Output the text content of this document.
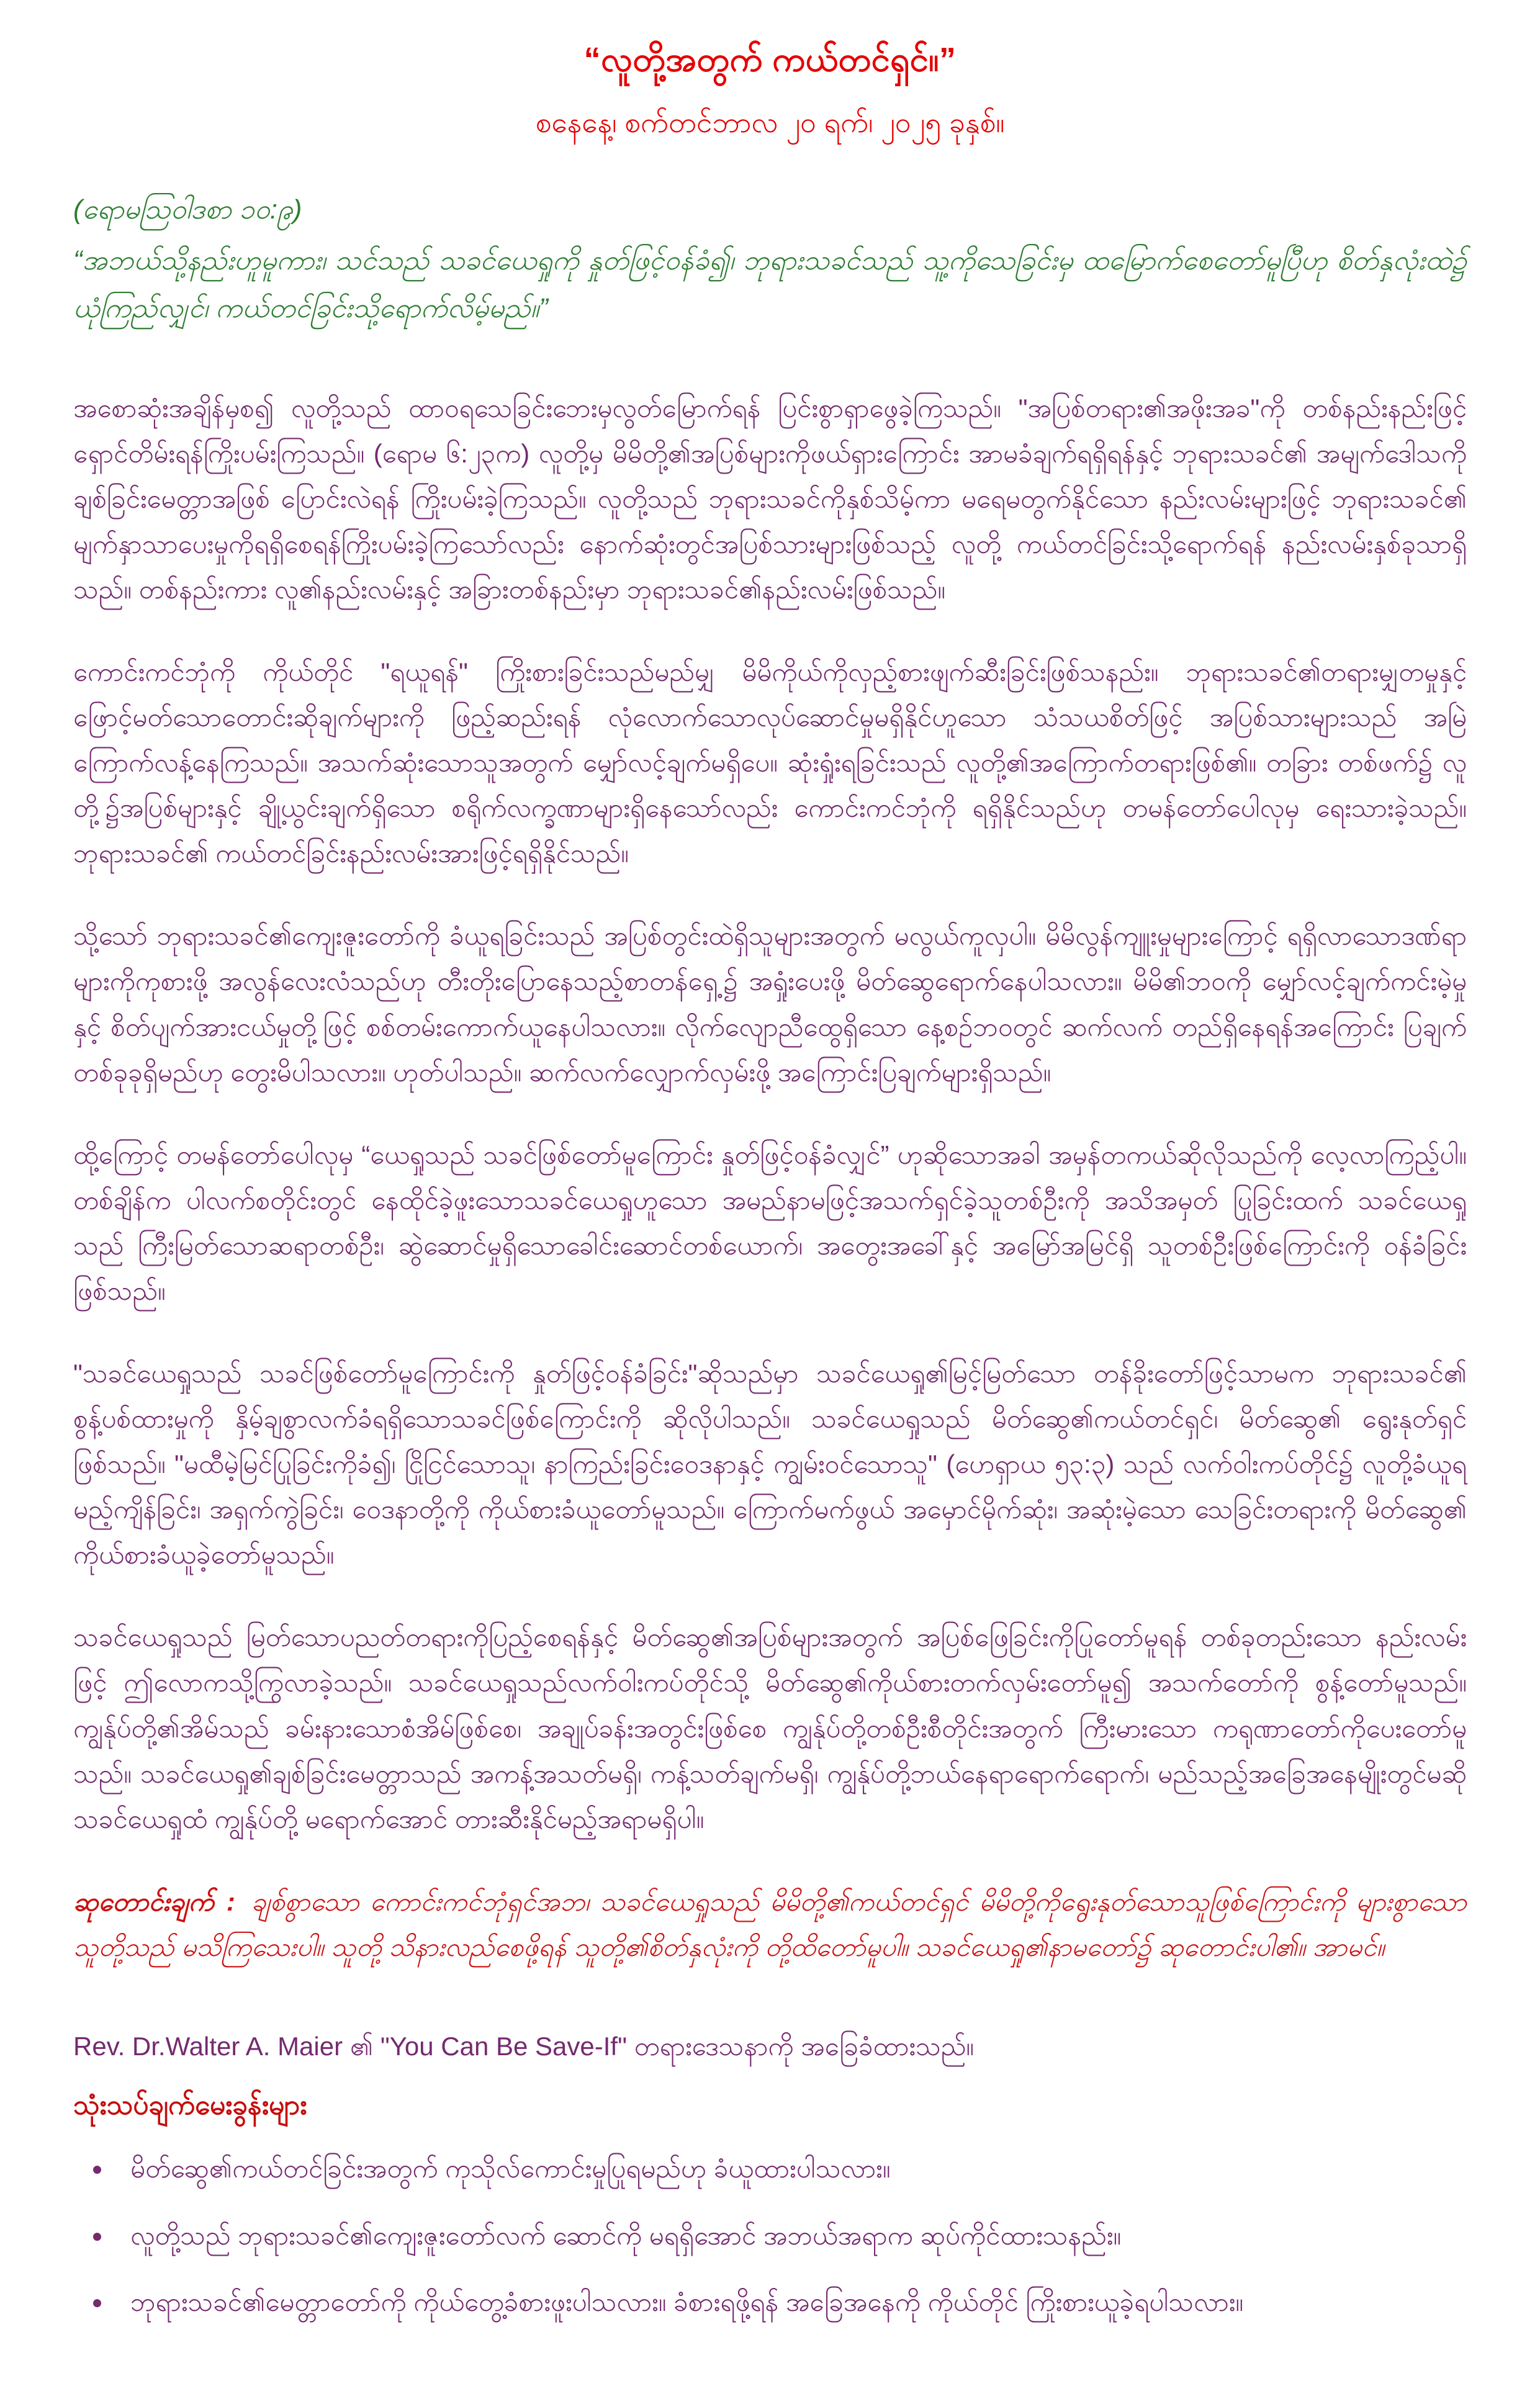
“လူတို့အတွက် ကယ်တင်ရှင်။”
စနေနေ့၊ စက်တင်ဘာလ ၂၀ ရက်၊ ၂၀၂၅ ခုနှစ်။
(ရောမဩဝါဒစာ ၁၀:၉)
“အဘယ်သို့နည်းဟူမူကား၊ သင်သည် သခင်ယေရှုကို နှုတ်ဖြင့်ဝန်ခံ၍၊ ဘုရားသခင်သည် သူ့ကိုသေခြင်းမှ ထမြောက်စေတော်မူပြီဟု စိတ်နှလုံးထဲ၌ ယုံကြည်လျှင်၊ ကယ်တင်ခြင်းသို့ရောက်လိမ့်မည်။”

အစောဆုံးအချိန်မှစ၍ လူတို့သည် ထာဝရသေခြင်းဘေးမှလွတ်မြောက်ရန် ပြင်းစွာရှာဖွေခဲ့ကြသည်။ "အပြစ်တရား၏အဖိုးအခ"ကို တစ်နည်းနည်းဖြင့် ရှောင်တိမ်းရန်ကြိုးပမ်းကြသည်။ (ရောမ ၆:၂၃က) လူတို့မှ မိမိတို့၏အပြစ်များကိုဖယ်ရှားကြောင်း အာမခံချက်ရရှိရန်နှင့် ဘုရားသခင်၏ အမျက်ဒေါသကို ချစ်ခြင်းမေတ္တာအဖြစ် ပြောင်းလဲရန် ကြိုးပမ်းခဲ့ကြသည်။ လူတို့သည် ဘုရားသခင်ကိုနှစ်သိမ့်ကာ မရေမတွက်နိုင်သော နည်းလမ်းများဖြင့် ဘုရားသခင်၏ မျက်နှာသာပေးမှုကိုရရှိစေရန်ကြိုးပမ်းခဲ့ကြသော်လည်း နောက်ဆုံးတွင်အပြစ်သားများဖြစ်သည့် လူတို့ ကယ်တင်ခြင်းသို့ရောက်ရန် နည်းလမ်းနှစ်ခုသာရှိသည်။ တစ်နည်းကား လူ၏နည်းလမ်းနှင့် အခြားတစ်နည်းမှာ ဘုရားသခင်၏နည်းလမ်းဖြစ်သည်။

ကောင်းကင်ဘုံကို ကိုယ်တိုင် "ရယူရန်" ကြိုးစားခြင်းသည်မည်မျှ မိမိကိုယ်ကိုလှည့်စားဖျက်ဆီးခြင်းဖြစ်သနည်း။ ဘုရားသခင်၏တရားမျှတမှုနှင့် ဖြောင့်မတ်သောတောင်းဆိုချက်များကို ဖြည့်ဆည်းရန် လုံလောက်သောလုပ်ဆောင်မှုမရှိနိုင်ဟူသော သံသယစိတ်ဖြင့် အပြစ်သားများသည် အမြဲ ကြောက်လန့်နေကြသည်။ အသက်ဆုံးသောသူအတွက် မျှော်လင့်ချက်မရှိပေ။ ဆုံးရှုံးရခြင်းသည် လူတို့၏အကြောက်တရားဖြစ်၏။ တခြား တစ်ဖက်၌ လူတို့၌အပြစ်များနှင့် ချို့ယွင်းချက်ရှိသော စရိုက်လက္ခဏာများရှိနေသော်လည်း ကောင်းကင်ဘုံကို ရရှိနိုင်သည်ဟု တမန်တော်ပေါလုမှ ရေးသားခဲ့သည်။ ဘုရားသခင်၏ ကယ်တင်ခြင်းနည်းလမ်းအားဖြင့်ရရှိနိုင်သည်။

သို့သော် ဘုရားသခင်၏ကျေးဇူးတော်ကို ခံယူရခြင်းသည် အပြစ်တွင်းထဲရှိသူများအတွက် မလွယ်ကူလှပါ။ မိမိလွန်ကျူးမှုများကြောင့် ရရှိလာသောဒဏ်ရာများကိုကုစားဖို့ အလွန်လေးလံသည်ဟု တီးတိုးပြောနေသည့်စာတန်ရှေ့၌ အရှုံးပေးဖို့ မိတ်ဆွေရောက်နေပါသလား။ မိမိ၏ဘဝကို မျှော်လင့်ချက်ကင်းမဲ့မှုနှင့် စိတ်ပျက်အားငယ်မှုတို့ဖြင့် စစ်တမ်းကောက်ယူနေပါသလား။ လိုက်လျောညီထွေရှိသော နေ့စဉ်ဘဝတွင် ဆက်လက် တည်ရှိနေရန်အကြောင်း ပြချက်တစ်ခုခုရှိမည်ဟု တွေးမိပါသလား။ ဟုတ်ပါသည်။ ဆက်လက်လျှောက်လှမ်းဖို့ အကြောင်းပြချက်များရှိသည်။

ထို့ကြောင့် တမန်တော်ပေါလုမှ “ယေရှုသည် သခင်ဖြစ်တော်မူကြောင်း နှုတ်ဖြင့်ဝန်ခံလျှင်” ဟုဆိုသောအခါ အမှန်တကယ်ဆိုလိုသည်ကို လေ့လာကြည့်ပါ။ တစ်ချိန်က ပါလက်စတိုင်းတွင် နေထိုင်ခဲ့ဖူးသောသခင်ယေရှုဟူသော အမည်နာမဖြင့်အသက်ရှင်ခဲ့သူတစ်ဦးကို အသိအမှတ် ပြုခြင်းထက် သခင်ယေရှုသည် ကြီးမြတ်သောဆရာတစ်ဦး၊ ဆွဲဆောင်မှုရှိသောခေါင်းဆောင်တစ်ယောက်၊ အတွေးအခေါ်နှင့် အမြော်အမြင်ရှိ သူတစ်ဦးဖြစ်ကြောင်းကို ဝန်ခံခြင်းဖြစ်သည်။

"သခင်ယေရှုသည် သခင်ဖြစ်တော်မူကြောင်းကို နှုတ်ဖြင့်ဝန်ခံခြင်း"ဆိုသည်မှာ သခင်ယေရှု၏မြင့်မြတ်သော တန်ခိုးတော်ဖြင့်သာမက ဘုရားသခင်၏ စွန့်ပစ်ထားမှုကို နှိမ့်ချစွာလက်ခံရရှိသောသခင်ဖြစ်ကြောင်းကို ဆိုလိုပါသည်။ သခင်ယေရှုသည် မိတ်ဆွေ၏ကယ်တင်ရှင်၊ မိတ်ဆွေ၏ ရွေးနုတ်ရှင်ဖြစ်သည်။ "မထီမဲ့မြင်ပြုခြင်းကိုခံ၍၊ ငြိုငြင်သောသူ၊ နာကြည်းခြင်းဝေဒနာနှင့် ကျွမ်းဝင်သောသူ" (ဟေရှာယ ၅၃:၃) သည် လက်ဝါးကပ်တိုင်၌ လူတို့ခံယူရမည့်ကျိန်ခြင်း၊ အရှက်ကွဲခြင်း၊ ဝေဒနာတို့ကို ကိုယ်စားခံယူတော်မူသည်။ ကြောက်မက်ဖွယ် အမှောင်မိုက်ဆုံး၊ အဆုံးမဲ့သော သေခြင်းတရားကို မိတ်ဆွေ၏ ကိုယ်စားခံယူခဲ့တော်မူသည်။

သခင်ယေရှုသည် မြတ်သောပညတ်တရားကိုပြည့်စေရန်နှင့် မိတ်ဆွေ၏အပြစ်များအတွက် အပြစ်ဖြေခြင်းကိုပြုတော်မူရန် တစ်ခုတည်းသော နည်းလမ်းဖြင့် ဤလောကသို့ကြွလာခဲ့သည်။ သခင်ယေရှုသည်လက်ဝါးကပ်တိုင်သို့ မိတ်ဆွေ၏ကိုယ်စားတက်လှမ်းတော်မူ၍ အသက်တော်ကို စွန့်တော်မူသည်။ ကျွန်ုပ်တို့၏အိမ်သည် ခမ်းနားသောစံအိမ်ဖြစ်စေ၊ အချုပ်ခန်းအတွင်းဖြစ်စေ ကျွန်ုပ်တို့တစ်ဦးစီတိုင်းအတွက် ကြီးမားသော ကရုဏာတော်ကိုပေးတော်မူသည်။ သခင်ယေရှု၏ချစ်ခြင်းမေတ္တာသည် အကန့်အသတ်မရှိ၊ ကန့်သတ်ချက်မရှိ၊ ကျွန်ုပ်တို့ဘယ်နေရာရောက်ရောက်၊ မည်သည့်အခြေအနေမျိုးတွင်မဆို သခင်ယေရှုထံ ကျွန်ုပ်တို့ မရောက်အောင် တားဆီးနိုင်မည့်အရာမရှိပါ။

ဆုတောင်းချက် : ချစ်စွာသော ကောင်းကင်ဘုံရှင်အဘ၊ သခင်ယေရှုသည် မိမိတို့၏ကယ်တင်ရှင် မိမိတို့ကိုရွေးနုတ်သောသူဖြစ်ကြောင်းကို များစွာသောသူတို့သည် မသိကြသေးပါ။ သူတို့ သိနားလည်စေဖို့ရန် သူတို့၏စိတ်နှလုံးကို တို့ထိတော်မူပါ။ သခင်ယေရှု၏နာမတော်၌ ဆုတောင်းပါ၏။ အာမင်။

Rev. Dr.Walter A. Maier ၏ "You Can Be Save-If" တရားဒေသနာကို အခြေခံထားသည်။

သုံးသပ်ချက်မေးခွန်းများ
• မိတ်ဆွေ၏ကယ်တင်ခြင်းအတွက် ကုသိုလ်ကောင်းမှုပြုရမည်ဟု ခံယူထားပါသလား။
• လူတို့သည် ဘုရားသခင်၏ကျေးဇူးတော်လက် ဆောင်ကို မရရှိအောင် အဘယ်အရာက ဆုပ်ကိုင်ထားသနည်း။
• ဘုရားသခင်၏မေတ္တာတော်ကို ကိုယ်တွေ့ခံစားဖူးပါသလား။ ခံစားရဖို့ရန် အခြေအနေကို ကိုယ်တိုင် ကြိုးစားယူခဲ့ရပါသလား။
